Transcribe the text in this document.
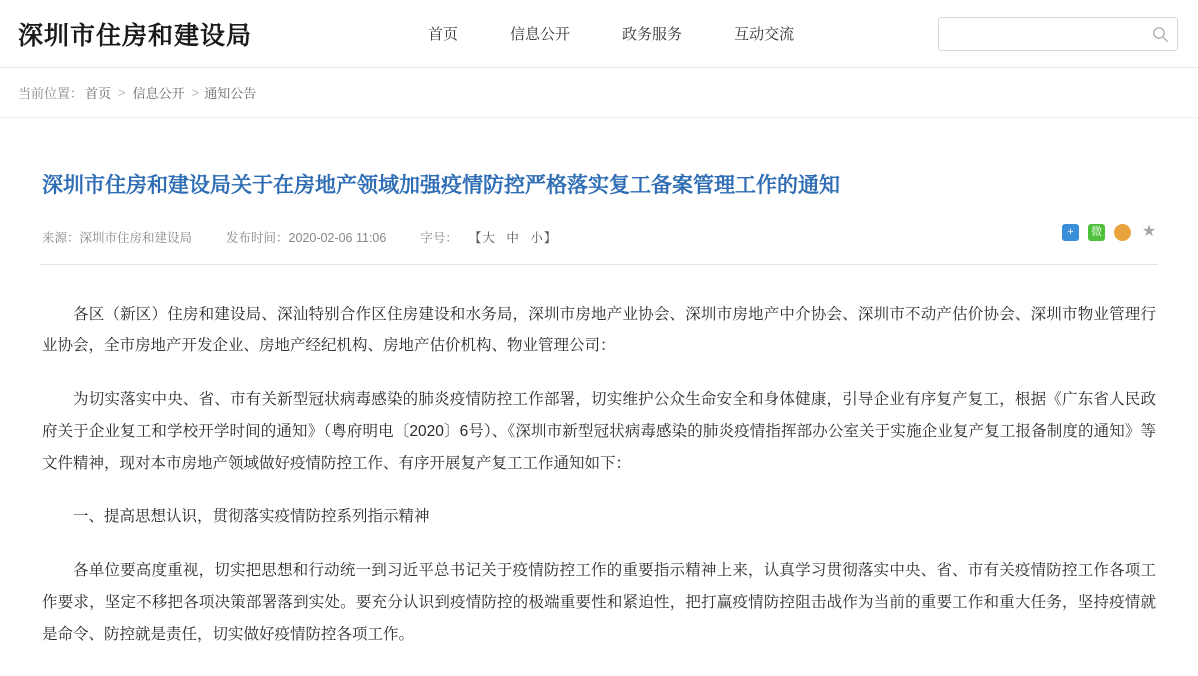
深圳市住房和建设局	首页	信息公开	政务服务	互动交流
当前位置： 首页 > 信息公开 > 通知公告
深圳市住房和建设局关于在房地产领域加强疫情防控严格落实复工备案管理工作的通知
来源：深圳市住房和建设局	发布时间：2020-02-06 11:06	字号： 【大 中 小】	+	微 ★

各区（新区）住房和建设局、深汕特别合作区住房建设和水务局，深圳市房地产业协会、深圳市房地产中介协会、深圳市不动产估价协会、深圳市物业管理行业协会，全市房地产开发企业、房地产经纪机构、房地产估价机构、物业管理公司：

为切实落实中央、省、市有关新型冠状病毒感染的肺炎疫情防控工作部署，切实维护公众生命安全和身体健康，引导企业有序复产复工，根据《广东省人民政府关于企业复工和学校开学时间的通知》（粤府明电〔2020〕6号）、《深圳市新型冠状病毒感染的肺炎疫情指挥部办公室关于实施企业复产复工报备制度的通知》等文件精神，现对本市房地产领域做好疫情防控工作、有序开展复产复工工作通知如下：

一、提高思想认识，贯彻落实疫情防控系列指示精神

各单位要高度重视，切实把思想和行动统一到习近平总书记关于疫情防控工作的重要指示精神上来，认真学习贯彻落实中央、省、市有关疫情防控工作各项工作要求，坚定不移把各项决策部署落到实处。要充分认识到疫情防控的极端重要性和紧迫性，把打赢疫情防控阻击战作为当前的重要工作和重大任务，坚持疫情就是命令、防控就是责任，切实做好疫情防控各项工作。
